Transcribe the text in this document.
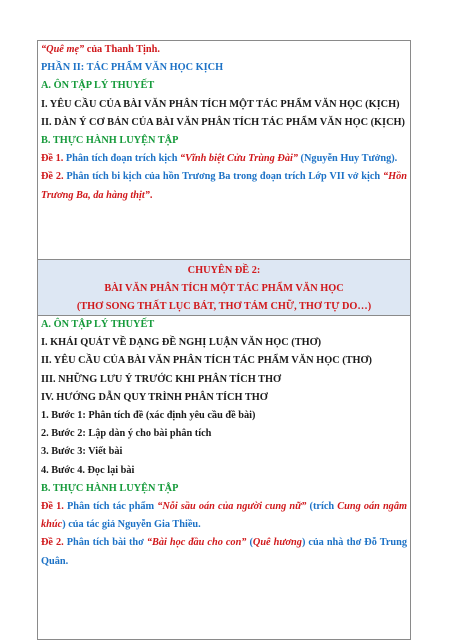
“Quê mẹ” của Thanh Tịnh.

PHẦN II: TÁC PHẨM VĂN HỌC KỊCH

A. ÔN TẬP LÝ THUYẾT

I. YÊU CẦU CỦA BÀI VĂN PHÂN TÍCH MỘT TÁC PHẨM VĂN HỌC (KỊCH)

II. DÀN Ý CƠ BẢN CỦA BÀI VĂN PHÂN TÍCH TÁC PHẨM VĂN HỌC (KỊCH)

B. THỰC HÀNH LUYỆN TẬP

Đề 1. Phân tích đoạn trích kịch “Vĩnh biệt Cửu Trùng Đài” (Nguyễn Huy Tưởng).

Đề 2. Phân tích bi kịch của hồn Trương Ba trong đoạn trích Lớp VII vở kịch “Hồn Trương Ba, da hàng thịt”.

CHUYÊN ĐỀ 2:
BÀI VĂN PHÂN TÍCH MỘT TÁC PHẨM VĂN HỌC
(THƠ SONG THẤT LỤC BÁT, THƠ TÁM CHỮ, THƠ TỰ DO…)

A. ÔN TẬP LÝ THUYẾT

I. KHÁI QUÁT VỀ DẠNG ĐỀ NGHỊ LUẬN VĂN HỌC (THƠ)

II. YÊU CẦU CỦA BÀI VĂN PHÂN TÍCH TÁC PHẨM VĂN HỌC (THƠ)

III. NHỮNG LƯU Ý TRƯỚC KHI PHÂN TÍCH THƠ

IV. HƯỚNG DẪN QUY TRÌNH PHÂN TÍCH THƠ

1. Bước 1: Phân tích đề (xác định yêu cầu đề bài)

2. Bước 2: Lập dàn ý cho bài phân tích

3. Bước 3: Viết bài

4. Bước 4. Đọc lại bài

B. THỰC HÀNH LUYỆN TẬP

Đề 1. Phân tích tác phẩm “Nỗi sầu oán của người cung nữ” (trích Cung oán ngâm khúc) của tác giả Nguyễn Gia Thiều.

Đề 2. Phân tích bài thơ “Bài học đầu cho con” (Quê hương) của nhà thơ Đỗ Trung Quân.
